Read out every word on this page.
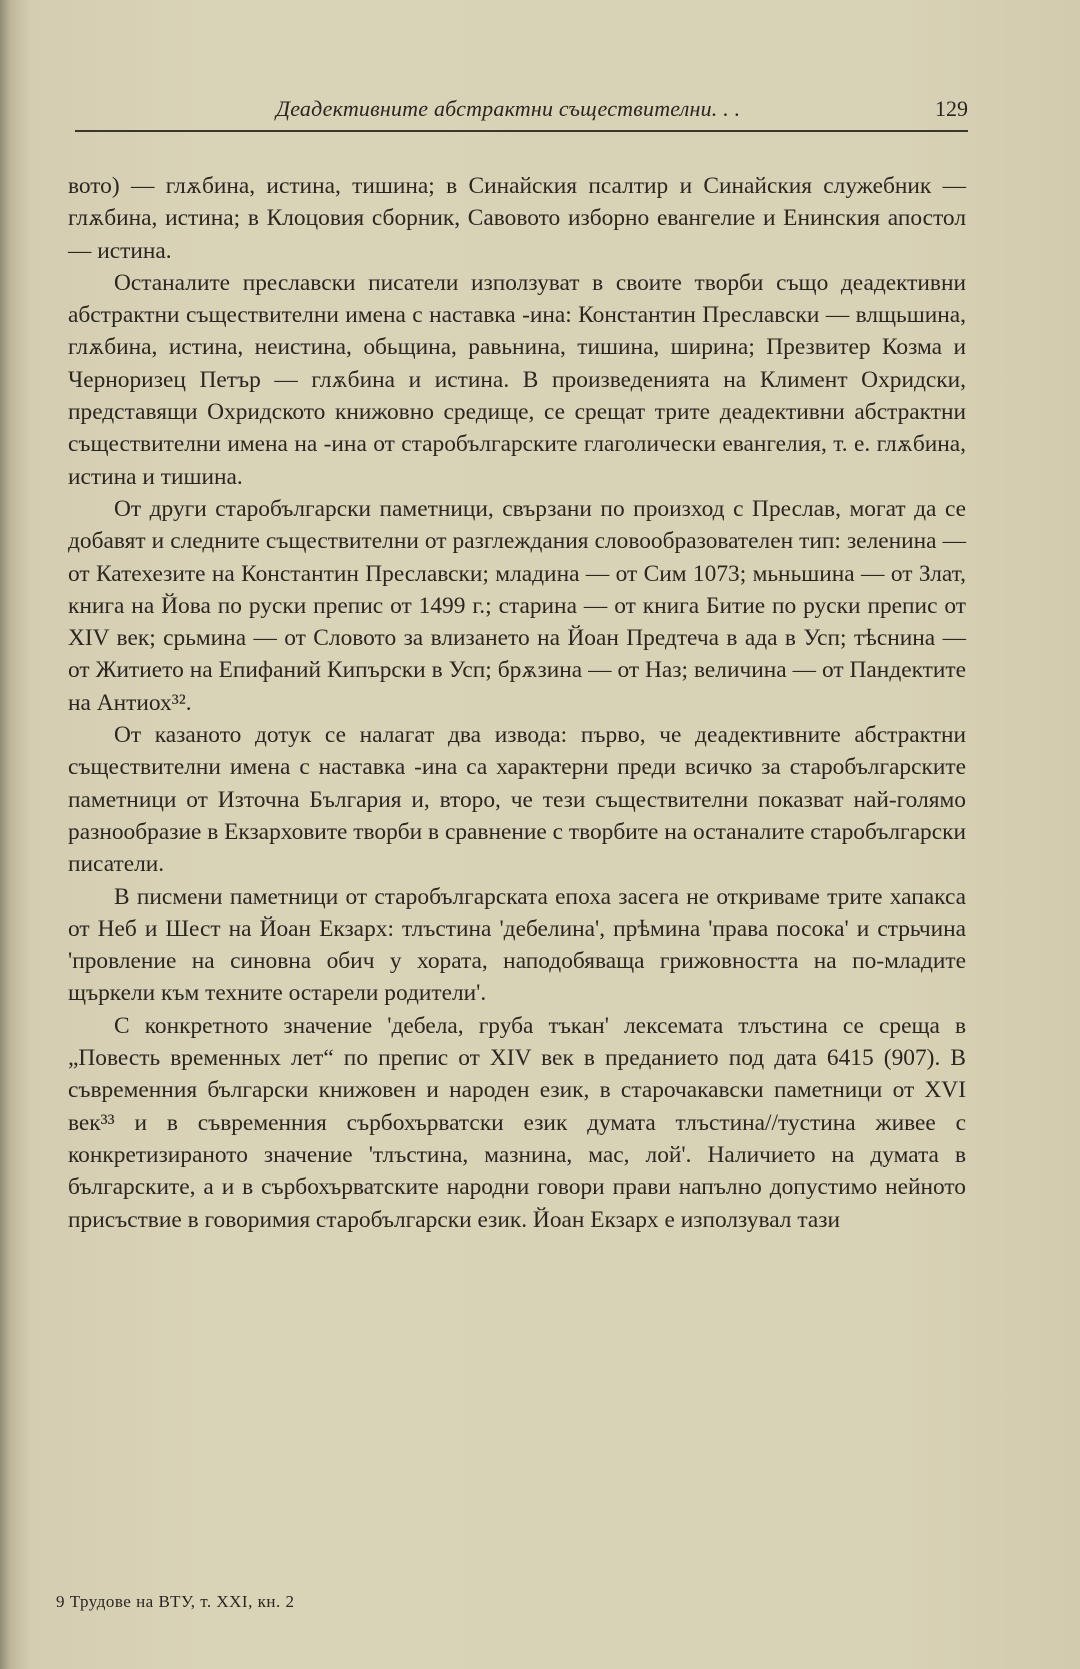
Деадективните абстрактни съществителни. . .	129

вото) — глѫбина, истина, тишина; в Синайския псалтир и Синайския служебник — глѫбина, истина; в Клоцовия сборник, Савовото изборно евангелие и Енинския апостол — истина.

Останалите преславски писатели използуват в своите творби също деадективни абстрактни съществителни имена с наставка -ина: Константин Преславски — влщьшина, глѫбина, истина, неистина, обьщина, равьнина, тишина, ширина; Презвитер Козма и Черноризец Петър — глѫбина и истина. В произведенията на Климент Охридски, представящи Охридското книжовно средище, се срещат трите деадективни абстрактни съществителни имена на -ина от старобългарските глаголически евангелия, т. е. глѫбина, истина и тишина.

От други старобългарски паметници, свързани по произход с Преслав, могат да се добавят и следните съществителни от разглеждания словообразователен тип: зеленина — от Катехезите на Константин Преславски; младина — от Сим 1073; мьньшина — от Злат, книга на Йова по руски препис от 1499 г.; старина — от книга Битие по руски препис от XIV век; срьмина — от Словото за влизането на Йоан Предтеча в ада в Усп; тѣснина — от Житието на Епифаний Кипърски в Усп; брѫзина — от Наз; величина — от Пандектите на Антиох³².

От казаното дотук се налагат два извода: първо, че деадективните абстрактни съществителни имена с наставка -ина са характерни преди всичко за старобългарските паметници от Източна България и, второ, че тези съществителни показват най-голямо разнообразие в Екзарховите творби в сравнение с творбите на останалите старобългарски писатели.

В писмени паметници от старобългарската епоха засега не откриваме трите хапакса от Неб и Шест на Йоан Екзарх: тлъстина 'дебелина', прѣмина 'права посока' и стрьчина 'провление на синовна обич у хората, наподобяваща грижовността на по-младите щъркели към техните остарели родители'.

С конкретното значение 'дебела, груба тъкан' лексемата тлъстина се среща в „Повесть временных лет“ по препис от XIV век в преданието под дата 6415 (907). В съвременния български книжовен и народен език, в старочакавски паметници от XVI век³³ и в съвременния сърбохърватски език думата тлъстина//тустина живее с конкретизираното значение 'тлъстина, мазнина, мас, лой'. Наличието на думата в българските, а и в сърбохърватските народни говори прави напълно допустимо нейното присъствие в говоримия старобългарски език. Йоан Екзарх е използувал тази

9 Трудове на ВТУ, т. XXI, кн. 2
